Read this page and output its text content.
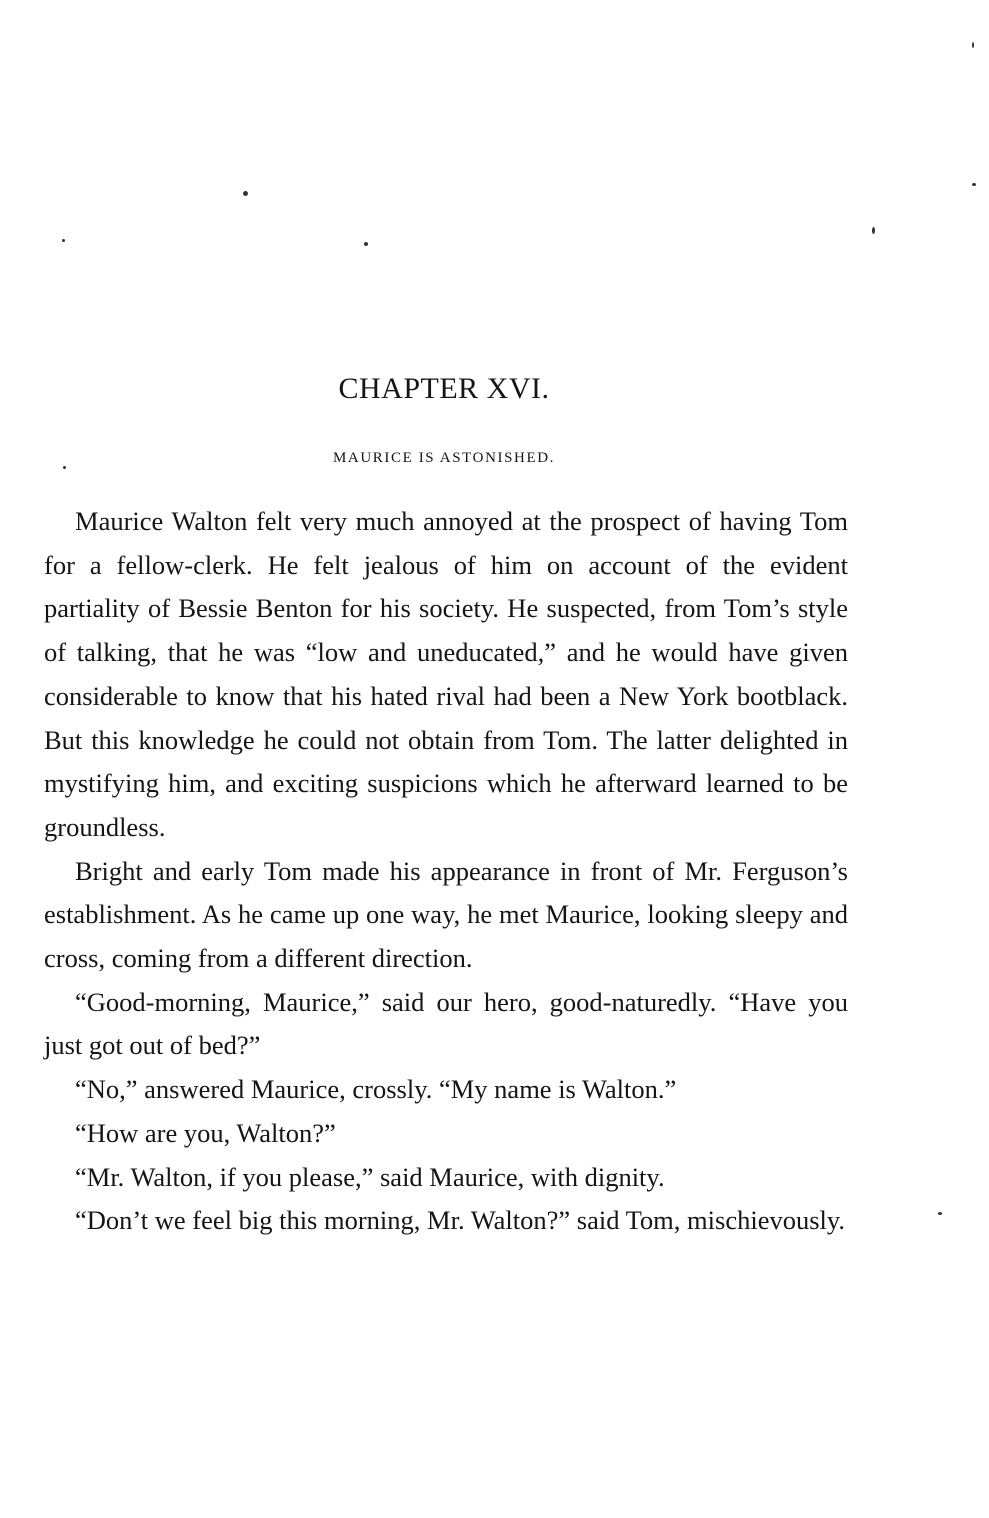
CHAPTER XVI.
MAURICE IS ASTONISHED.

Maurice Walton felt very much annoyed at the prospect of having Tom for a fellow-clerk. He felt jealous of him on account of the evident partiality of Bessie Benton for his society. He suspected, from Tom’s style of talking, that he was “low and uneducated,” and he would have given considerable to know that his hated rival had been a New York bootblack. But this knowledge he could not obtain from Tom. The latter delighted in mystifying him, and exciting suspicions which he afterward learned to be groundless.

Bright and early Tom made his appearance in front of Mr. Ferguson’s establishment. As he came up one way, he met Maurice, looking sleepy and cross, coming from a different direction.

“Good-morning, Maurice,” said our hero, good-naturedly. “Have you just got out of bed?”

“No,” answered Maurice, crossly. “My name is Walton.”

“How are you, Walton?”

“Mr. Walton, if you please,” said Maurice, with dignity.

“Don’t we feel big this morning, Mr. Walton?” said Tom, mischievously.
